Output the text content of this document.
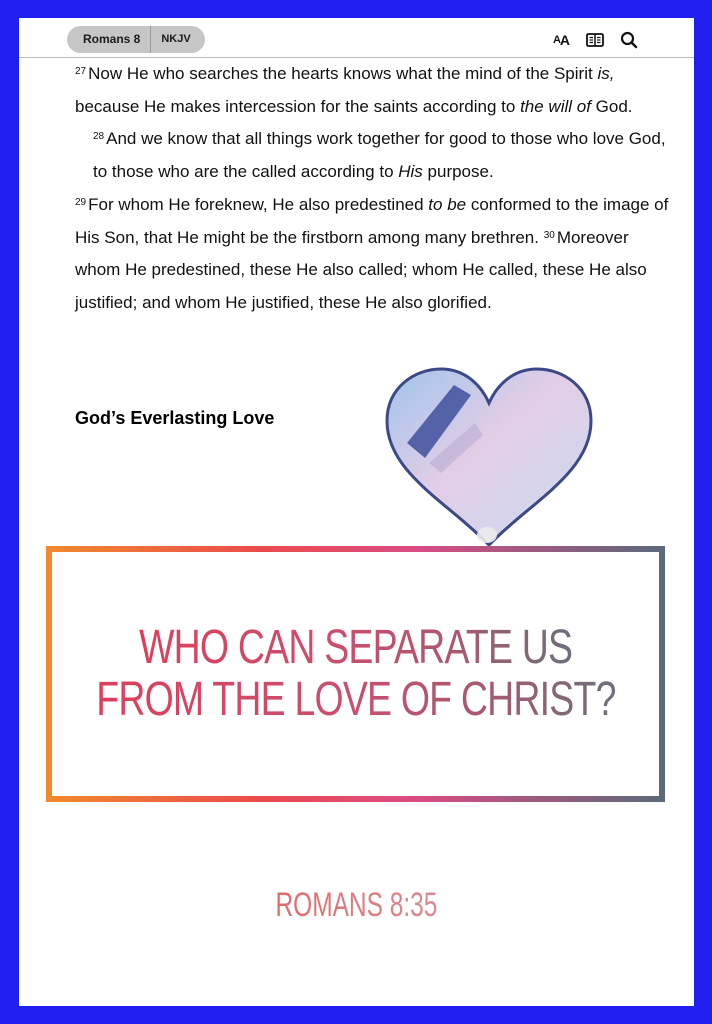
Romans 8	NKJV	A A

$^{27}$ Now He who searches the hearts knows what the mind of the Spirit is, because He makes intercession for the saints according to the will of God.

$^{28}$ And we know that all things work together for good to those who love God, to those who are the called according to His purpose.

$^{29}$ For whom He foreknew, He also predestined to be conformed to the image of His Son, that He might be the firstborn among many brethren. $^{30}$ Moreover whom He predestined, these He also called; whom He called, these He also justified; and whom He justified, these He also glorified.

God’s Everlasting Love
WHO CAN SEPARATE US
FROM THE LOVE OF CHRIST?
ROMANS 8:35
